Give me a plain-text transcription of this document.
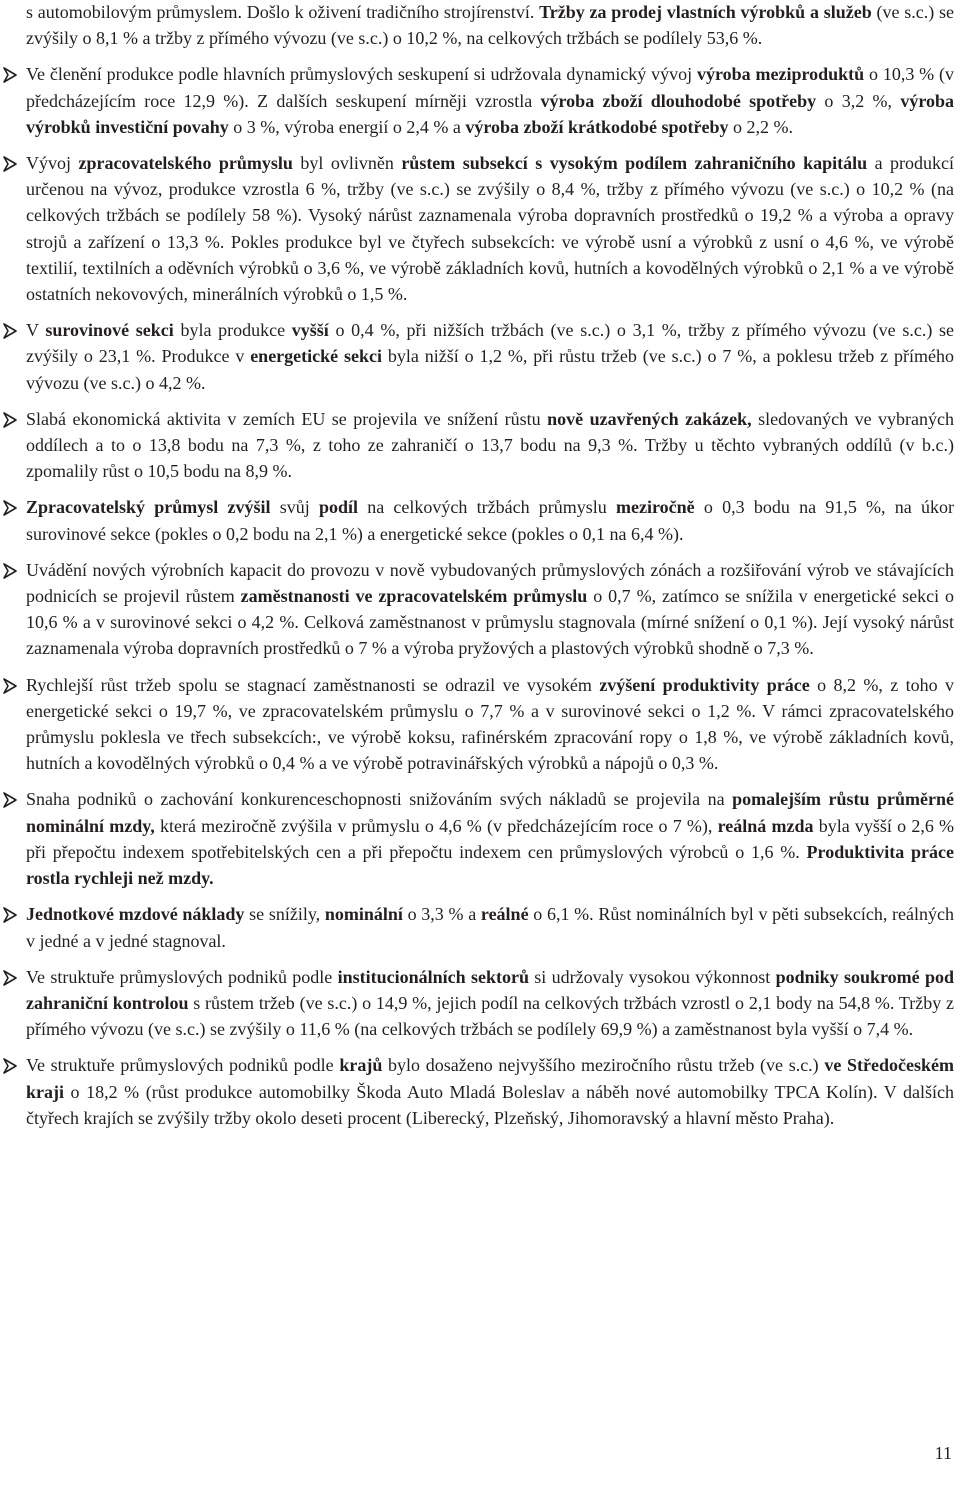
s automobilovým průmyslem. Došlo k oživení tradičního strojírenství. Tržby za prodej vlastních výrobků a služeb (ve s.c.) se zvýšily o 8,1 % a tržby z přímého vývozu (ve s.c.) o 10,2 %, na celkových tržbách se podílely 53,6 %.

Ve členění produkce podle hlavních průmyslových seskupení si udržovala dynamický vývoj výroba meziproduktů o 10,3 % (v předcházejícím roce 12,9 %). Z dalších seskupení mírněji vzrostla výroba zboží dlouhodobé spotřeby o 3,2 %, výroba výrobků investiční povahy o 3 %, výroba energií o 2,4 % a výroba zboží krátkodobé spotřeby o 2,2 %.

Vývoj zpracovatelského průmyslu byl ovlivněn růstem subsekcí s vysokým podílem zahraničního kapitálu a produkcí určenou na vývoz, produkce vzrostla 6 %, tržby (ve s.c.) se zvýšily o 8,4 %, tržby z přímého vývozu (ve s.c.) o 10,2 % (na celkových tržbách se podílely 58 %). Vysoký nárůst zaznamenala výroba dopravních prostředků o 19,2 % a výroba a opravy strojů a zařízení o 13,3 %. Pokles produkce byl ve čtyřech subsekcích: ve výrobě usní a výrobků z usní o 4,6 %, ve výrobě textilií, textilních a oděvních výrobků o 3,6 %, ve výrobě základních kovů, hutních a kovodělných výrobků o 2,1 % a ve výrobě ostatních nekovových, minerálních výrobků o 1,5 %.

V surovinové sekci byla produkce vyšší o 0,4 %, při nižších tržbách (ve s.c.) o 3,1 %, tržby z přímého vývozu (ve s.c.) se zvýšily o 23,1 %. Produkce v energetické sekci byla nižší o 1,2 %, při růstu tržeb (ve s.c.) o 7 %, a poklesu tržeb z přímého vývozu (ve s.c.) o 4,2 %.

Slabá ekonomická aktivita v zemích EU se projevila ve snížení růstu nově uzavřených zakázek, sledovaných ve vybraných oddílech a to o 13,8 bodu na 7,3 %, z toho ze zahraničí o 13,7 bodu na 9,3 %. Tržby u těchto vybraných oddílů (v b.c.) zpomalily růst o 10,5 bodu na 8,9 %.

Zpracovatelský průmysl zvýšil svůj podíl na celkových tržbách průmyslu meziročně o 0,3 bodu na 91,5 %, na úkor surovinové sekce (pokles o 0,2 bodu na 2,1 %) a energetické sekce (pokles o 0,1 na 6,4 %).

Uvádění nových výrobních kapacit do provozu v nově vybudovaných průmyslových zónách a rozšiřování výrob ve stávajících podnicích se projevil růstem zaměstnanosti ve zpracovatelském průmyslu o 0,7 %, zatímco se snížila v energetické sekci o 10,6 % a v surovinové sekci o 4,2 %. Celková zaměstnanost v průmyslu stagnovala (mírné snížení o 0,1 %). Její vysoký nárůst zaznamenala výroba dopravních prostředků o 7 % a výroba pryžových a plastových výrobků shodně o 7,3 %.

Rychlejší růst tržeb spolu se stagnací zaměstnanosti se odrazil ve vysokém zvýšení produktivity práce o 8,2 %, z toho v energetické sekci o 19,7 %, ve zpracovatelském průmyslu o 7,7 % a v surovinové sekci o 1,2 %. V rámci zpracovatelského průmyslu poklesla ve třech subsekcích:, ve výrobě koksu, rafinérském zpracování ropy o 1,8 %, ve výrobě základních kovů, hutních a kovodělných výrobků o 0,4 % a ve výrobě potravinářských výrobků a nápojů o 0,3 %.

Snaha podniků o zachování konkurenceschopnosti snižováním svých nákladů se projevila na pomalejším růstu průměrné nominální mzdy, která meziročně zvýšila v průmyslu o 4,6 % (v předcházejícím roce o 7 %), reálná mzda byla vyšší o 2,6 % při přepočtu indexem spotřebitelských cen a při přepočtu indexem cen průmyslových výrobců o 1,6 %. Produktivita práce rostla rychleji než mzdy.

Jednotkové mzdové náklady se snížily, nominální o 3,3 % a reálné o 6,1 %. Růst nominálních byl v pěti subsekcích, reálných v jedné a v jedné stagnoval.

Ve struktuře průmyslových podniků podle institucionálních sektorů si udržovaly vysokou výkonnost podniky soukromé pod zahraniční kontrolou s růstem tržeb (ve s.c.) o 14,9 %, jejich podíl na celkových tržbách vzrostl o 2,1 body na 54,8 %. Tržby z přímého vývozu (ve s.c.) se zvýšily o 11,6 % (na celkových tržbách se podílely 69,9 %) a zaměstnanost byla vyšší o 7,4 %.

Ve struktuře průmyslových podniků podle krajů bylo dosaženo nejvyššího meziročního růstu tržeb (ve s.c.) ve Středočeském kraji o 18,2 % (růst produkce automobilky Škoda Auto Mladá Boleslav a náběh nové automobilky TPCA Kolín). V dalších čtyřech krajích se zvýšily tržby okolo deseti procent (Liberecký, Plzeňský, Jihomoravský a hlavní město Praha).

11
